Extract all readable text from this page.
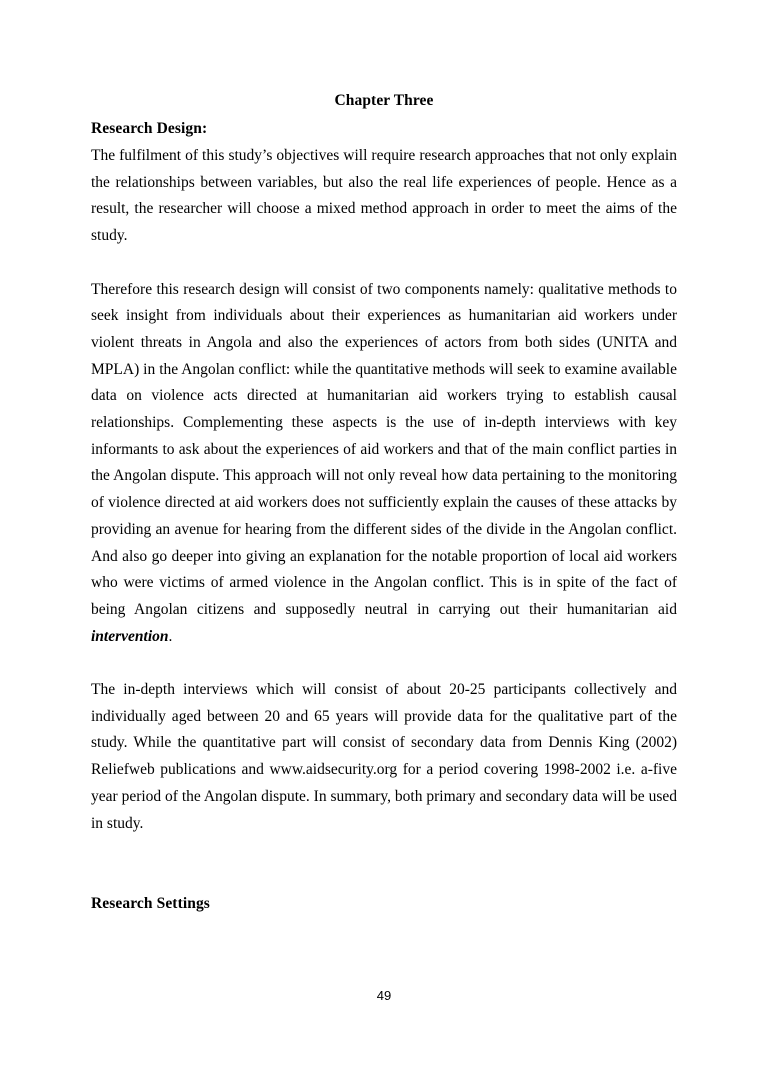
Chapter Three
Research Design:

The fulfilment of this study’s objectives will require research approaches that not only explain the relationships between variables, but also the real life experiences of people. Hence as a result, the researcher will choose a mixed method approach in order to meet the aims of the study.

Therefore this research design will consist of two components namely: qualitative methods to seek insight from individuals about their experiences as humanitarian aid workers under violent threats in Angola and also the experiences of actors from both sides (UNITA and MPLA) in the Angolan conflict: while the quantitative methods will seek to examine available data on violence acts directed at humanitarian aid workers trying to establish causal relationships. Complementing these aspects is the use of in-depth interviews with key informants to ask about the experiences of aid workers and that of the main conflict parties in the Angolan dispute. This approach will not only reveal how data pertaining to the monitoring of violence directed at aid workers does not sufficiently explain the causes of these attacks by providing an avenue for hearing from the different sides of the divide in the Angolan conflict. And also go deeper into giving an explanation for the notable proportion of local aid workers who were victims of armed violence in the Angolan conflict. This is in spite of the fact of being Angolan citizens and supposedly neutral in carrying out their humanitarian aid intervention.

The in-depth interviews which will consist of about 20-25 participants collectively and individually aged between 20 and 65 years will provide data for the qualitative part of the study. While the quantitative part will consist of secondary data from Dennis King (2002) Reliefweb publications and www.aidsecurity.org for a period covering 1998-2002 i.e. a-five year period of the Angolan dispute. In summary, both primary and secondary data will be used in study.

Research Settings
49
